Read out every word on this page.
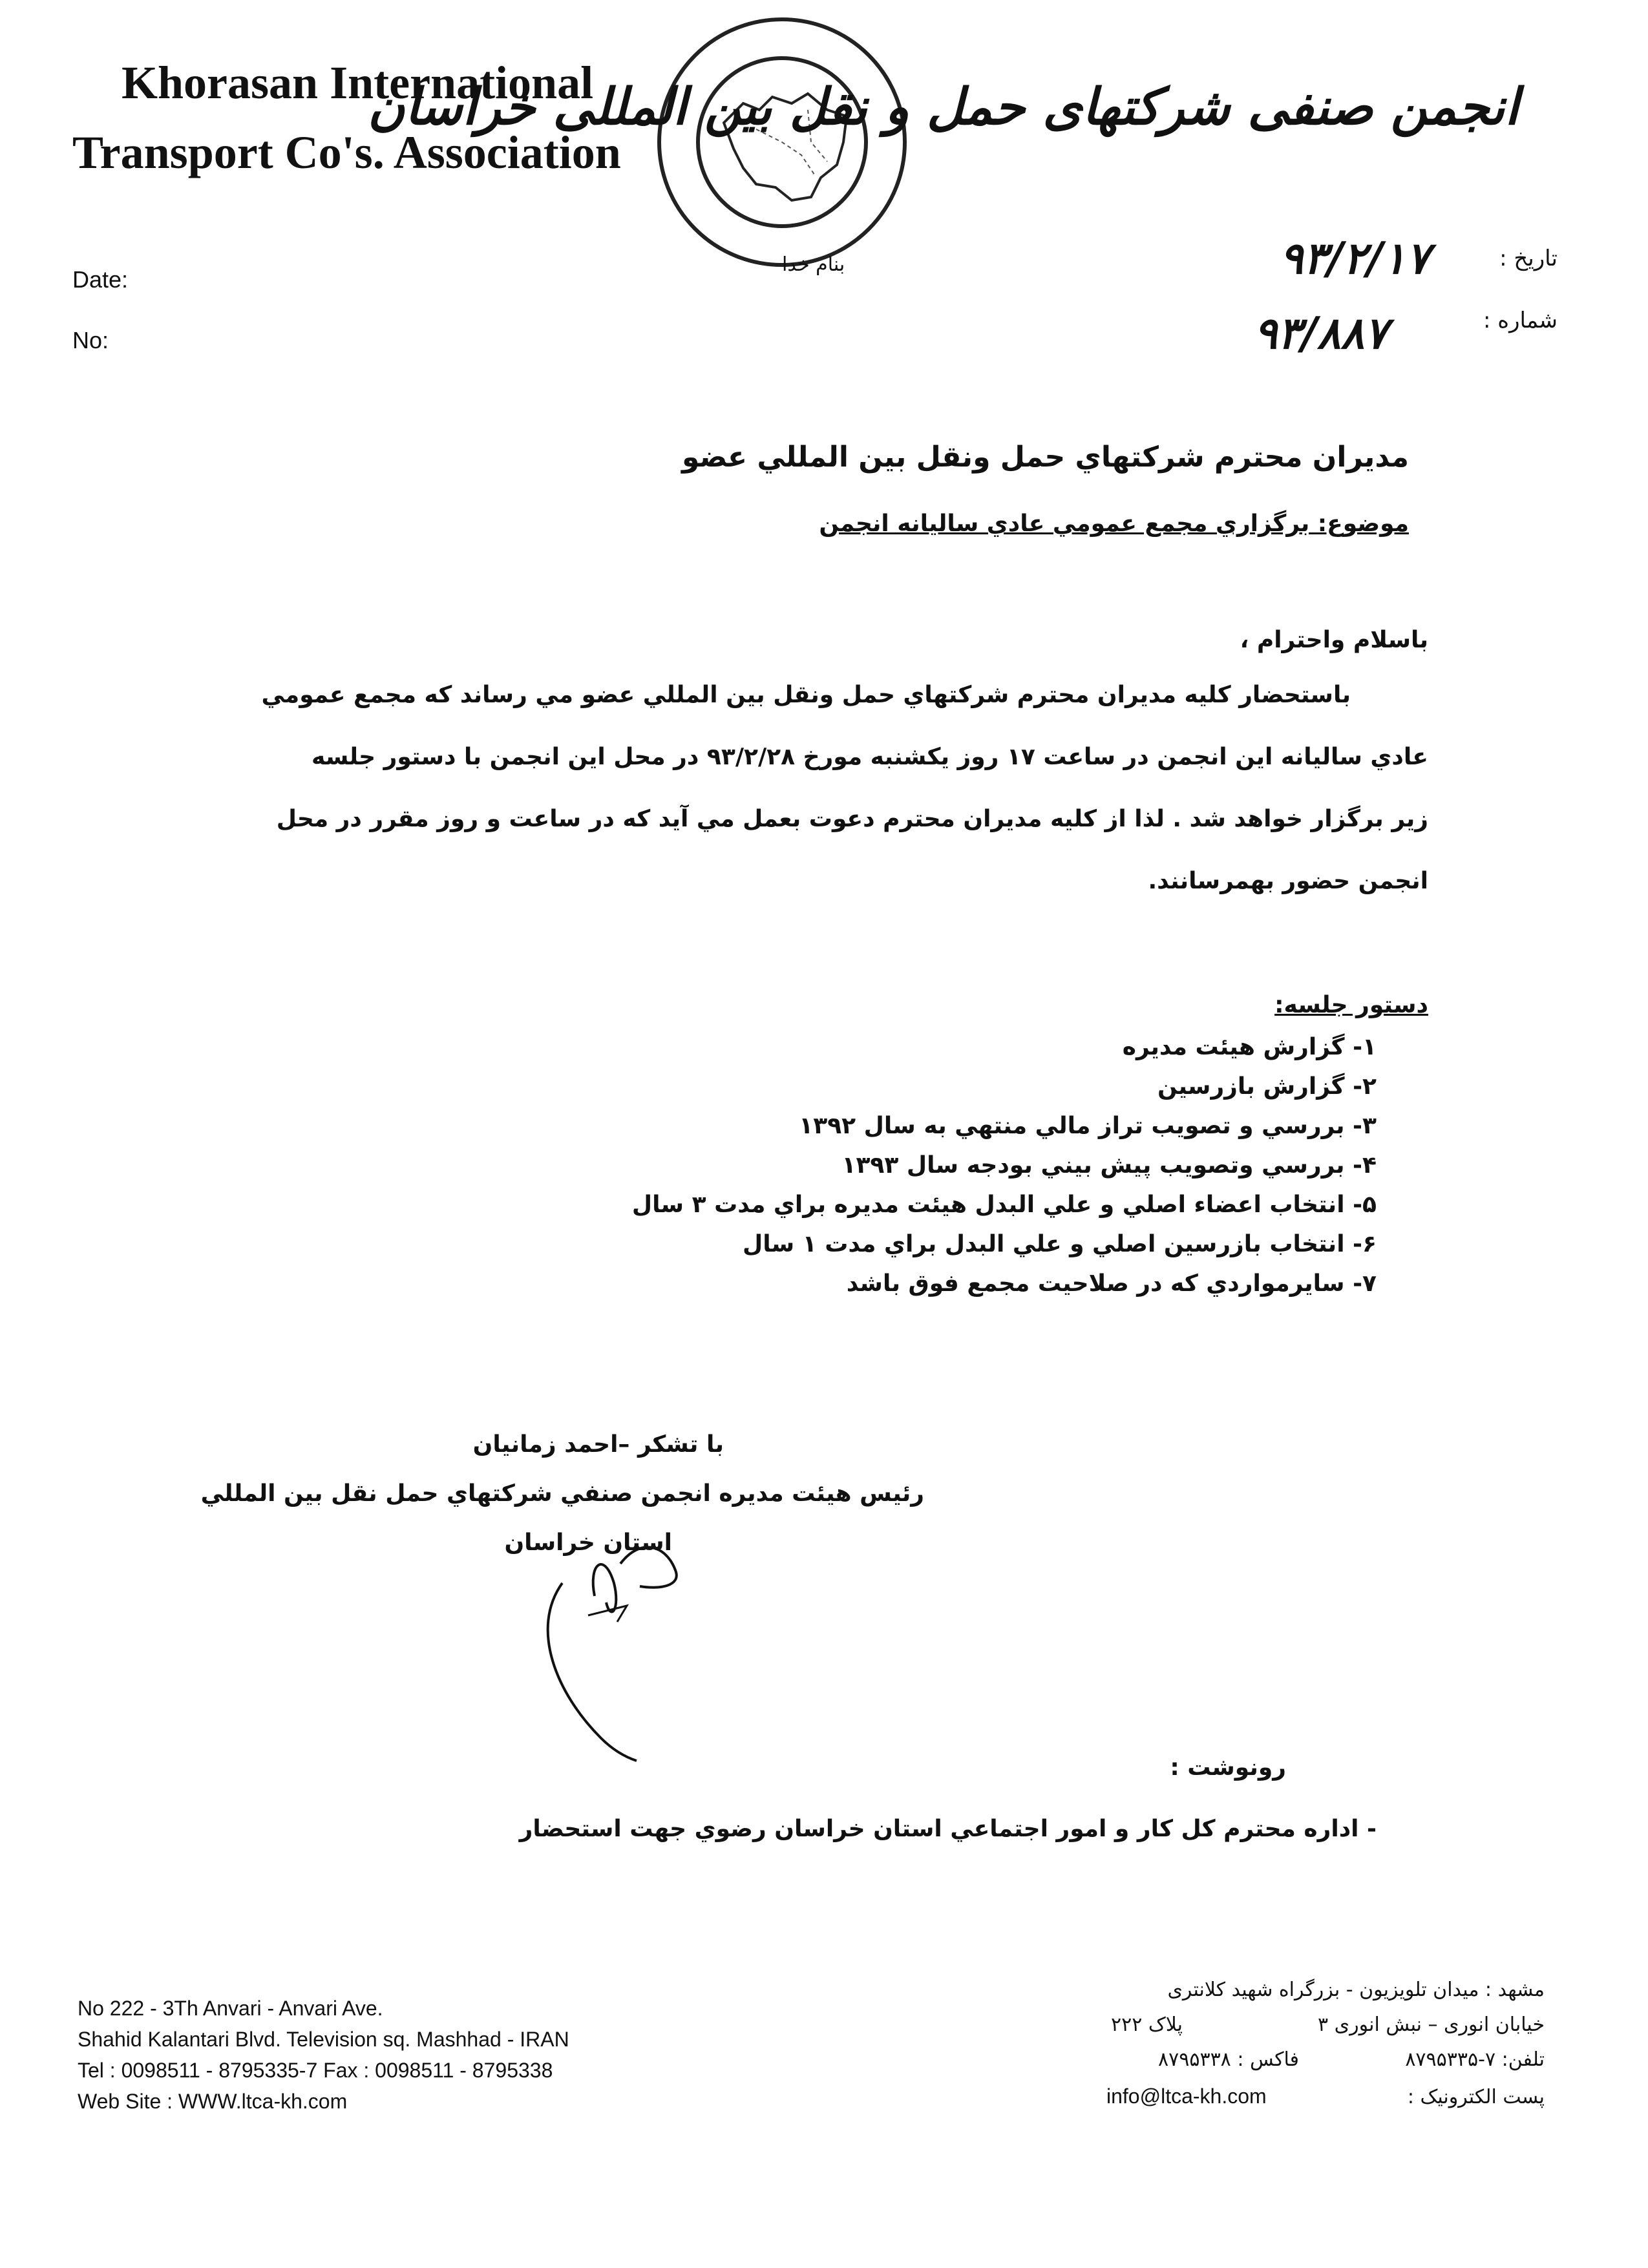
Khorasan International
Transport Co's. Association
انجمن صنفی شرکتهای حمل و نقل بین المللی خراسان
بنام خدا
Date:
No:
تاریخ :
۹۳/۲/۱۷
شماره :
۹۳/۸۸۷
مديران محترم شركتهاي حمل ونقل بين المللي عضو
موضوع: برگزاري مجمع عمومي عادي ساليانه انجمن
باسلام واحترام ،
باستحضار كليه مديران محترم شركتهاي حمل ونقل بين المللي عضو مي رساند كه مجمع عمومي
عادي ساليانه اين انجمن در ساعت ۱۷ روز يكشنبه مورخ ۹۳/۲/۲۸ در محل اين انجمن با دستور جلسه
زير برگزار خواهد شد . لذا از كليه مديران محترم دعوت بعمل مي آيد كه در ساعت و روز مقرر در محل
انجمن حضور بهمرسانند.
دستور جلسه:
۱- گزارش هيئت مديره
۲- گزارش بازرسين
۳- بررسي و تصويب تراز مالي منتهي به سال ۱۳۹۲
۴- بررسي وتصويب پيش بيني بودجه سال ۱۳۹۳
۵- انتخاب اعضاء اصلي و علي البدل هيئت مديره براي مدت ۳ سال
۶- انتخاب بازرسين اصلي و علي البدل براي مدت ۱ سال
۷- سايرمواردي كه در صلاحيت مجمع فوق باشد
با تشكر –احمد زمانيان
رئيس هيئت مديره انجمن صنفي شركتهاي حمل نقل بين المللي
استان خراسان
رونوشت :
- اداره محترم كل كار و امور اجتماعي استان خراسان رضوي جهت استحضار
No 222 - 3Th Anvari - Anvari Ave.
Shahid Kalantari Blvd. Television sq. Mashhad - IRAN
Tel : 0098511 - 8795335-7 Fax : 0098511 - 8795338
Web Site : WWW.ltca-kh.com
مشهد : میدان تلویزیون - بزرگراه شهید کلانتری
خیابان انوری – نبش انوری ۳
پلاک ۲۲۲
تلفن: ۷-۸۷۹۵۳۳۵
فاکس : ۸۷۹۵۳۳۸
پست الکترونیک :
info@ltca-kh.com
